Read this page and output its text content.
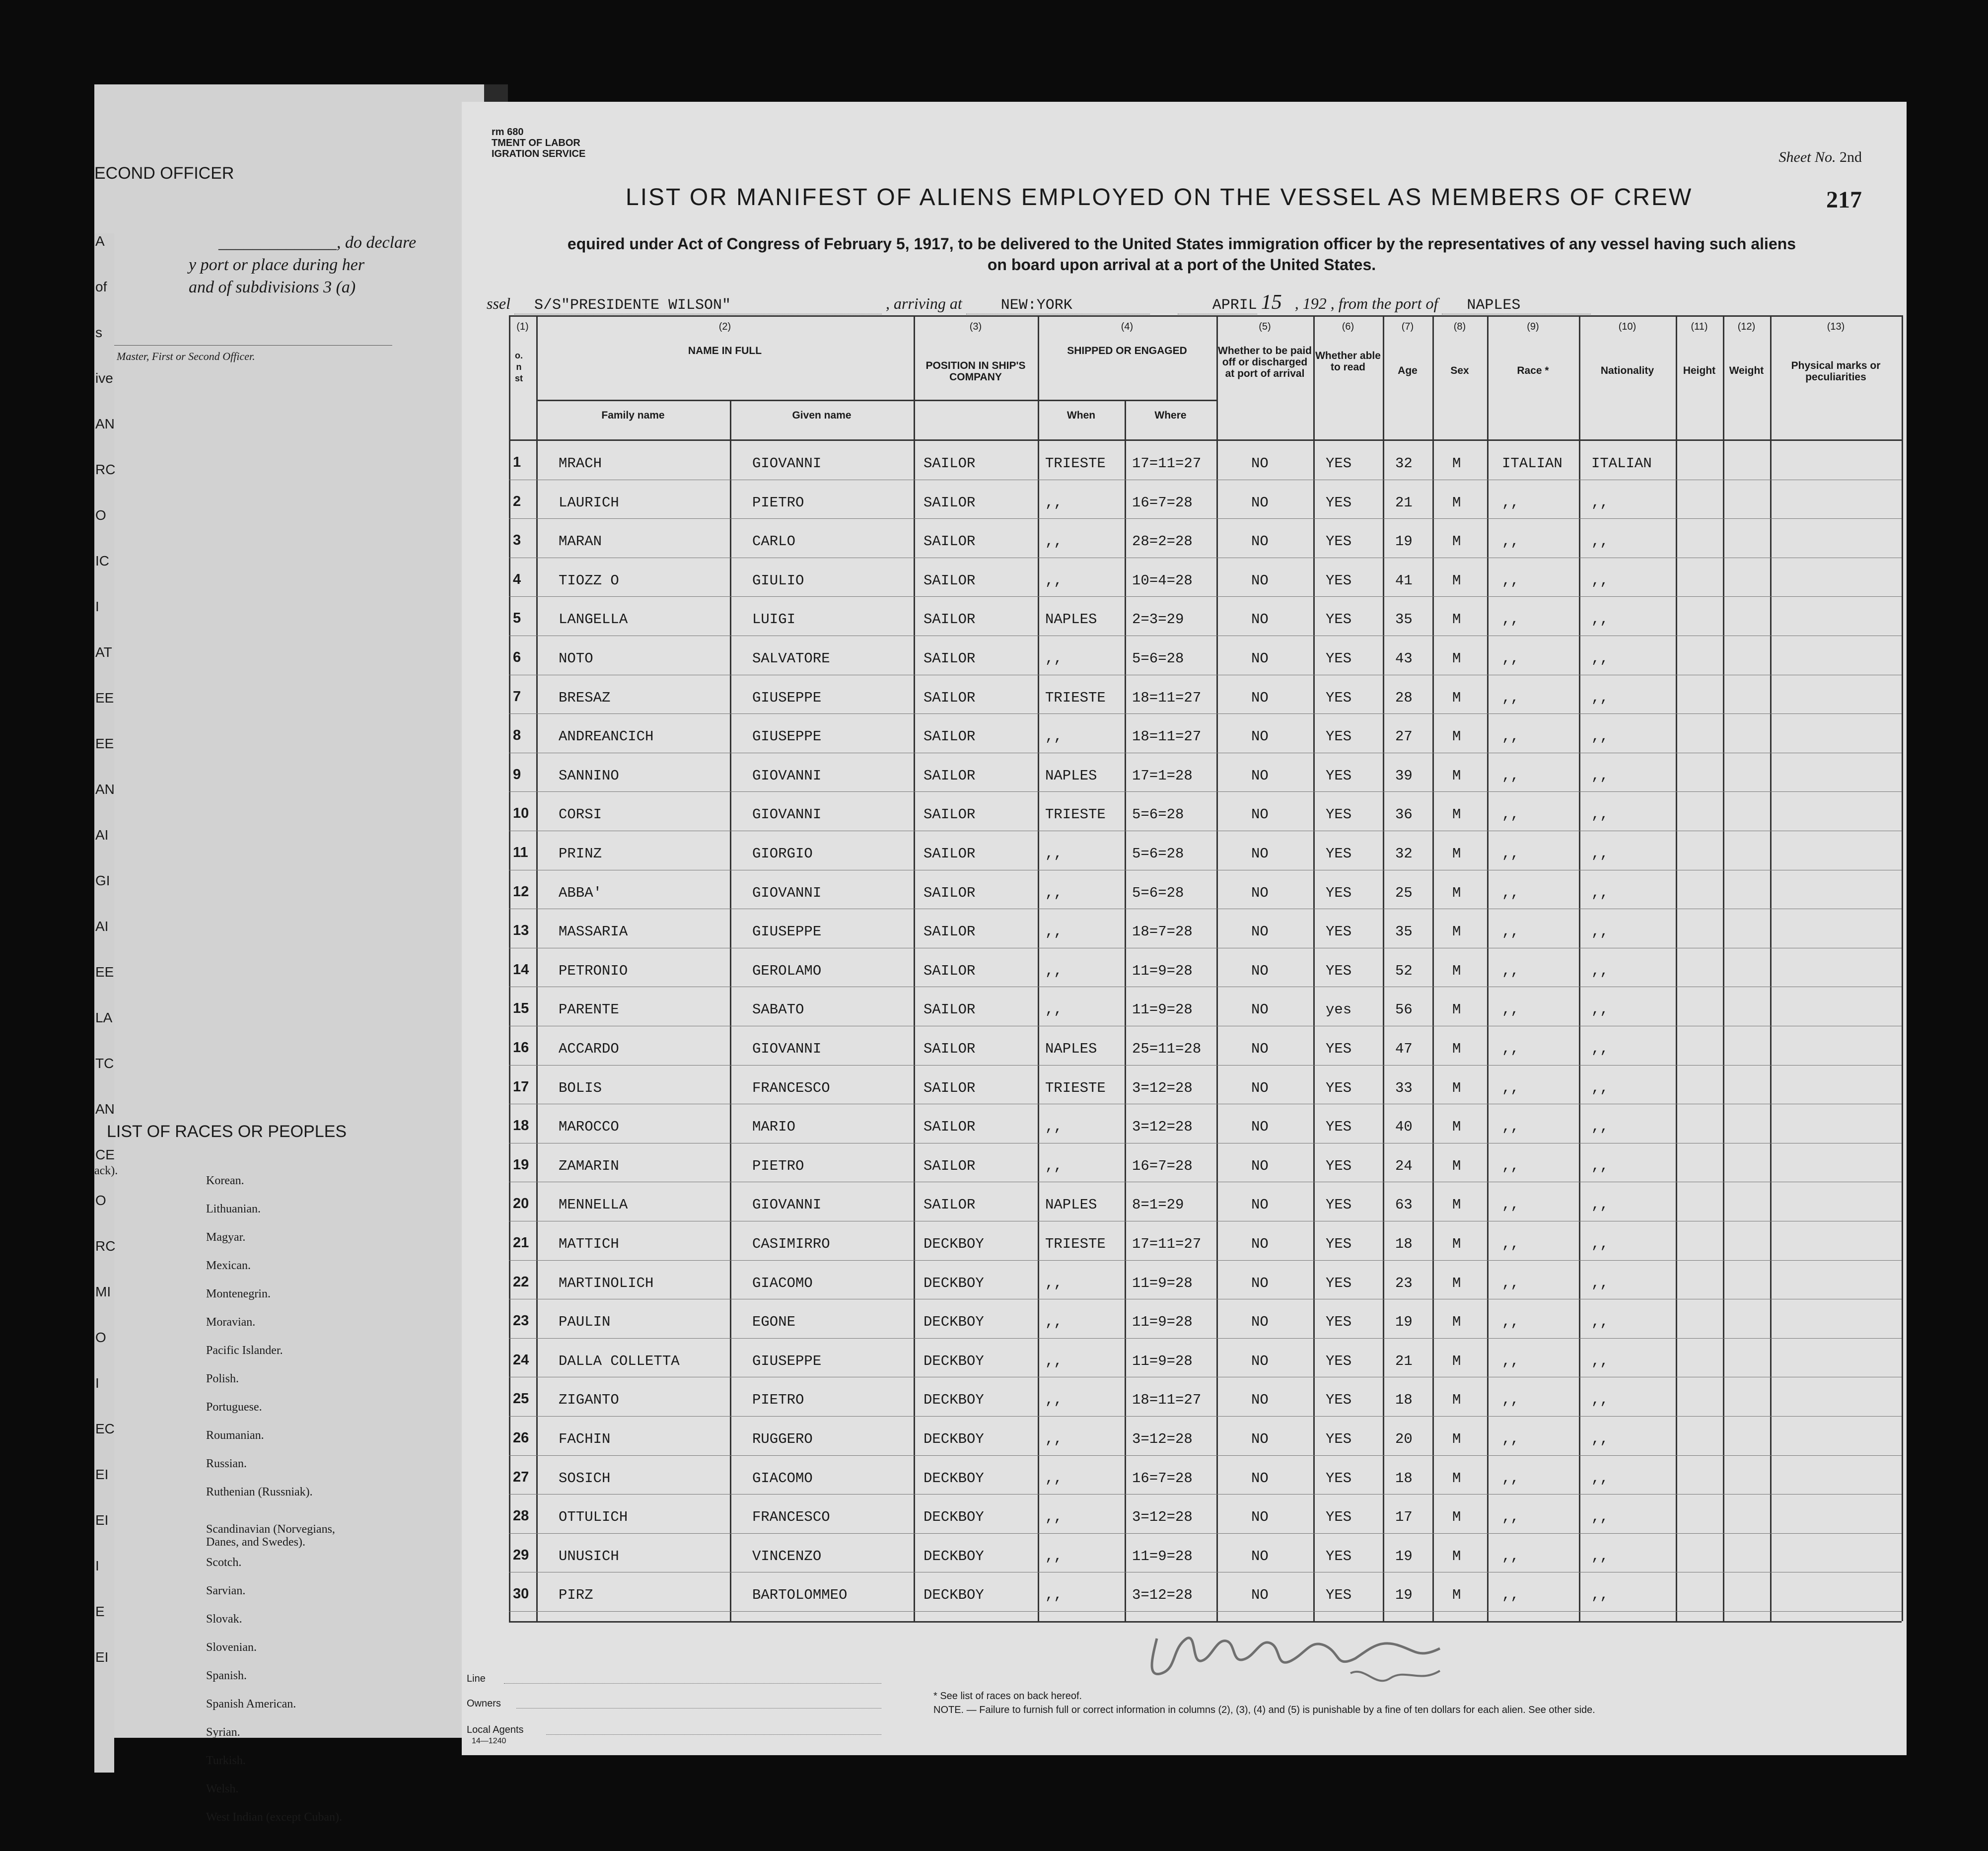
A
of
s
ive
AN
RC
O
IC
I
AT
EE
EE
AN
AI
GI
AI
EE
LA
TC
AN
CE
O
RC
MI
O
I
EC
EI
EI
I
E
EI
ECOND OFFICER
______________, do declare
y port or place during her
and of subdivisions 3 (a)
Master, First or Second Officer.
LIST OF RACES OR PEOPLES
ack).
Korean.
Lithuanian.
Magyar.
Mexican.
Montenegrin.
Moravian.
Pacific Islander.
Polish.
Portuguese.
Roumanian.
Russian.
Ruthenian (Russniak).
Scandinavian (Norvegians, Danes, and Swedes).
Scotch.
Sarvian.
Slovak.
Slovenian.
Spanish.
Spanish American.
Syrian.
Turkish.
Welsh.
West Indian (except Cuban).
rm 680
TMENT OF LABOR
IGRATION SERVICE	Sheet No. 2nd
217
LIST OR MANIFEST OF ALIENS EMPLOYED ON THE VESSEL AS MEMBERS OF CREW
equired under Act of Congress of February 5, 1917, to be delivered to the United States immigration officer by the representatives of any vessel having such aliens
on board upon arrival at a port of the United States.
ssel S/S"PRESIDENTE WILSON"	, arriving at	NEW:YORK	APRIL 15 , 192 , from the port of NAPLES
(1)	(2)	(3)	(4)	(5)	(6)	(7)	(8)	(9)	(10)	(11)	(12)	(13)
NAME IN FULL
Family name	Given name
POSITION IN SHIP'S COMPANY
SHIPPED OR ENGAGED
When	Where
Whether to be paid off or discharged at port of arrival
Whether able to read	Age	Sex	Race *	Nationality	Height	Weight	Physical marks or peculiarities
o.
n
st
1	MRACH	GIOVANNI	SAILOR	TRIESTE 17=11=27	NO	YES	32	M	ITALIAN ITALIAN
2	LAURICH	PIETRO	SAILOR	,,	16=7=28	NO	YES	21	M	,,	,,
3	MARAN	CARLO	SAILOR	,,	28=2=28	NO	YES	19	M	,,	,,
4	TIOZZ O	GIULIO	SAILOR	,,	10=4=28	NO	YES	41	M	,,	,,
5	LANGELLA	LUIGI	SAILOR	NAPLES 2=3=29	NO	YES	35	M	,,	,,
6	NOTO	SALVATORE	SAILOR	,,	5=6=28	NO	YES	43	M	,,	,,
7	BRESAZ	GIUSEPPE	SAILOR	TRIESTE 18=11=27	NO	YES	28	M	,,	,,
8	ANDREANCICH	GIUSEPPE	SAILOR	,,	18=11=27	NO	YES	27	M	,,	,,
9	SANNINO	GIOVANNI	SAILOR	NAPLES 17=1=28	NO	YES	39	M	,,	,,
10 CORSI	GIOVANNI	SAILOR	TRIESTE 5=6=28	NO	YES	36	M	,,	,,
11 PRINZ	GIORGIO	SAILOR	,,	5=6=28	NO	YES	32	M	,,	,,
12 ABBA'	GIOVANNI	SAILOR	,,	5=6=28	NO	YES	25	M	,,	,,
13 MASSARIA	GIUSEPPE	SAILOR	,,	18=7=28	NO	YES	35	M	,,	,,
14 PETRONIO	GEROLAMO	SAILOR	,,	11=9=28	NO	YES	52	M	,,	,,
15 PARENTE	SABATO	SAILOR	,,	11=9=28	NO	yes	56	M	,,	,,
16 ACCARDO	GIOVANNI	SAILOR	NAPLES 25=11=28	NO	YES	47	M	,,	,,
17 BOLIS	FRANCESCO	SAILOR	TRIESTE 3=12=28	NO	YES	33	M	,,	,,
18 MAROCCO	MARIO	SAILOR	,,	3=12=28	NO	YES	40	M	,,	,,
19 ZAMARIN	PIETRO	SAILOR	,,	16=7=28	NO	YES	24	M	,,	,,
20 MENNELLA	GIOVANNI	SAILOR	NAPLES 8=1=29	NO	YES	63	M	,,	,,
21 MATTICH	CASIMIRRO	DECKBOY	TRIESTE 17=11=27	NO	YES	18	M	,,	,,
22 MARTINOLICH	GIACOMO	DECKBOY	,,	11=9=28	NO	YES	23	M	,,	,,
23 PAULIN	EGONE	DECKBOY	,,	11=9=28	NO	YES	19	M	,,	,,
24 DALLA COLLETTA	GIUSEPPE	DECKBOY	,,	11=9=28	NO	YES	21	M	,,	,,
25 ZIGANTO	PIETRO	DECKBOY	,,	18=11=27	NO	YES	18	M	,,	,,
26 FACHIN	RUGGERO	DECKBOY	,,	3=12=28	NO	YES	20	M	,,	,,
27 SOSICH	GIACOMO	DECKBOY	,,	16=7=28	NO	YES	18	M	,,	,,
28 OTTULICH	FRANCESCO	DECKBOY	,,	3=12=28	NO	YES	17	M	,,	,,
29 UNUSICH	VINCENZO	DECKBOY	,,	11=9=28	NO	YES	19	M	,,	,,
30 PIRZ	BARTOLOMMEO	DECKBOY	,,	3=12=28	NO	YES	19	M	,,	,,
Line
Owners
Local Agents
14—1240
* See list of races on back hereof.
NOTE. — Failure to furnish full or correct information in columns (2), (3), (4) and (5) is punishable by a fine of ten dollars for each alien. See other side.
